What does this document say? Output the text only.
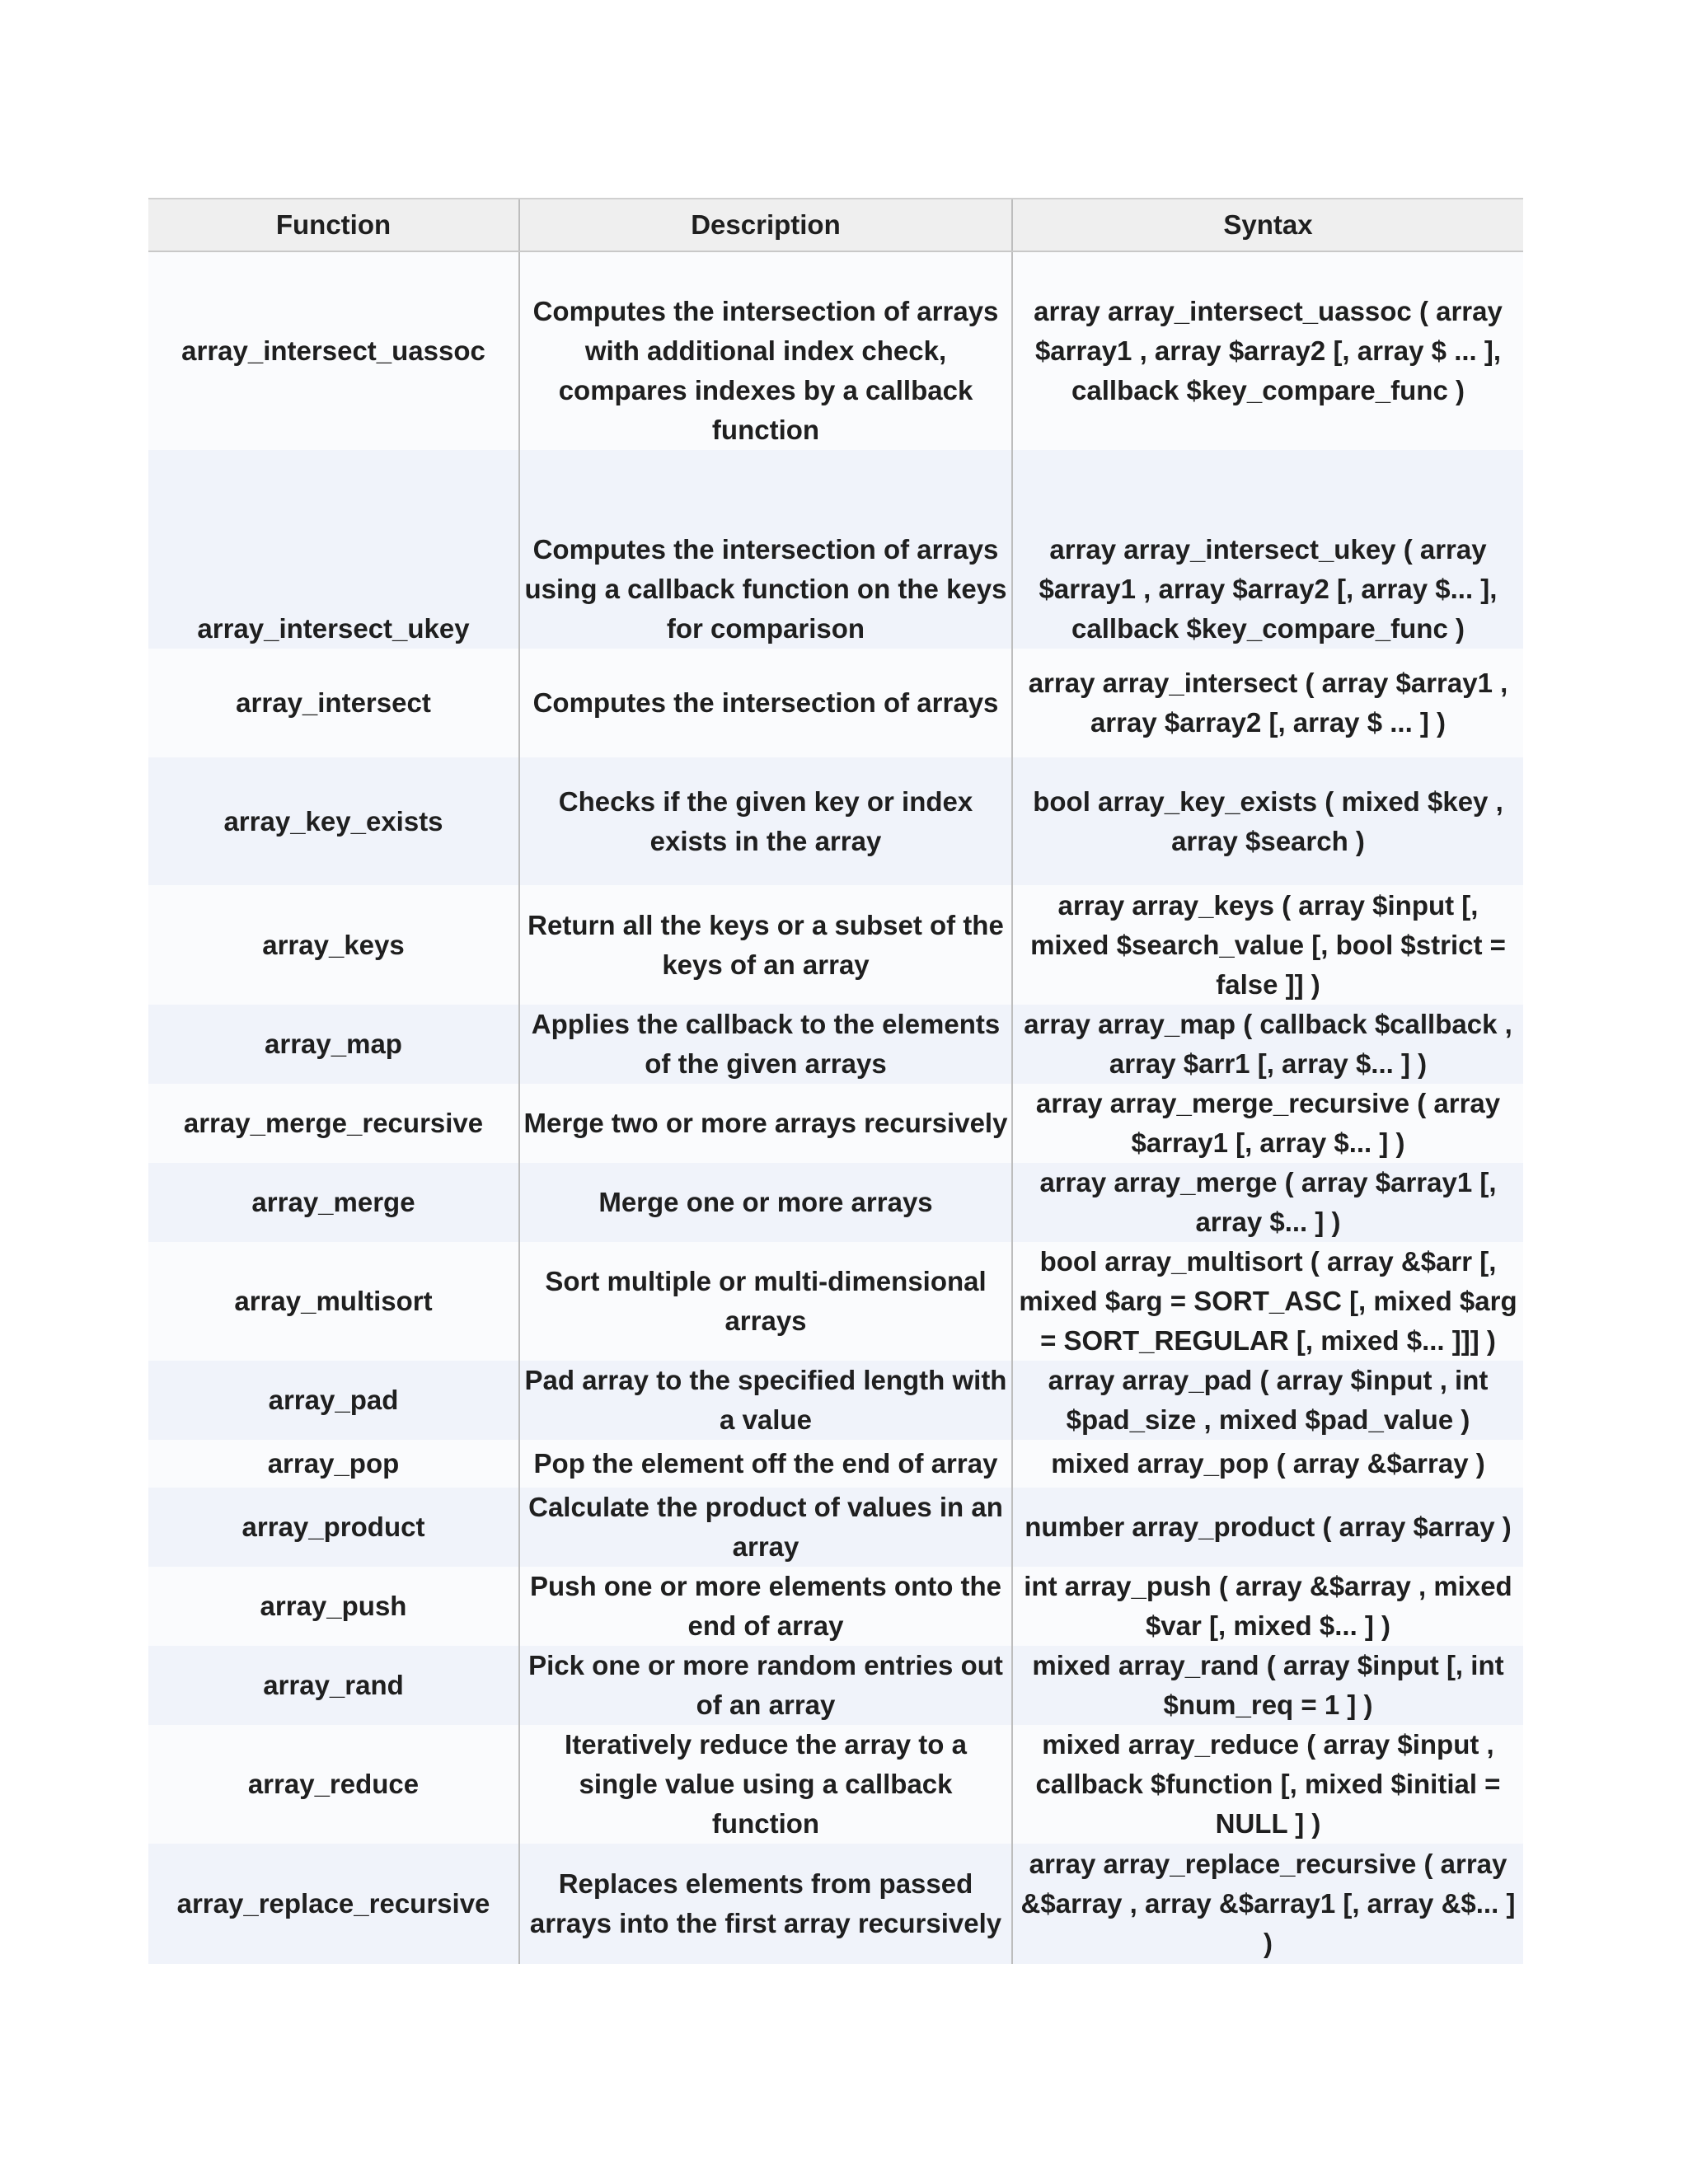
Function	Description	Syntax
array_intersect_uassoc	Computes the intersection of arrays with additional index check, compares indexes by a callback function	array array_intersect_uassoc ( array $array1 , array $array2 [, array $ ... ], callback $key_compare_func )
array_intersect_ukey	Computes the intersection of arrays using a callback function on the keys for comparison	array array_intersect_ukey ( array $array1 , array $array2 [, array $... ], callback $key_compare_func )
array_intersect	Computes the intersection of arrays	array array_intersect ( array $array1 , array $array2 [, array $ ... ] )
array_key_exists	Checks if the given key or index exists in the array	bool array_key_exists ( mixed $key , array $search )
array_keys	Return all the keys or a subset of the keys of an array	array array_keys ( array $input [, mixed $search_value [, bool $strict = false ]] )
array_map	Applies the callback to the elements of the given arrays	array array_map ( callback $callback , array $arr1 [, array $... ] )
array_merge_recursive	Merge two or more arrays recursively	array array_merge_recursive ( array $array1 [, array $... ] )
array_merge	Merge one or more arrays	array array_merge ( array $array1 [, array $... ] )
array_multisort	Sort multiple or multi-dimensional arrays	bool array_multisort ( array &$arr [, mixed $arg = SORT_ASC [, mixed $arg = SORT_REGULAR [, mixed $... ]]] )
array_pad	Pad array to the specified length with a value	array array_pad ( array $input , int $pad_size , mixed $pad_value )
array_pop	Pop the element off the end of array	mixed array_pop ( array &$array )
array_product	Calculate the product of values in an array	number array_product ( array $array )
array_push	Push one or more elements onto the end of array	int array_push ( array &$array , mixed $var [, mixed $... ] )
array_rand	Pick one or more random entries out of an array	mixed array_rand ( array $input [, int $num_req = 1 ] )
array_reduce	Iteratively reduce the array to a single value using a callback function	mixed array_reduce ( array $input , callback $function [, mixed $initial = NULL ] )
array_replace_recursive	Replaces elements from passed arrays into the first array recursively	array array_replace_recursive ( array &$array , array &$array1 [, array &$... ] )
